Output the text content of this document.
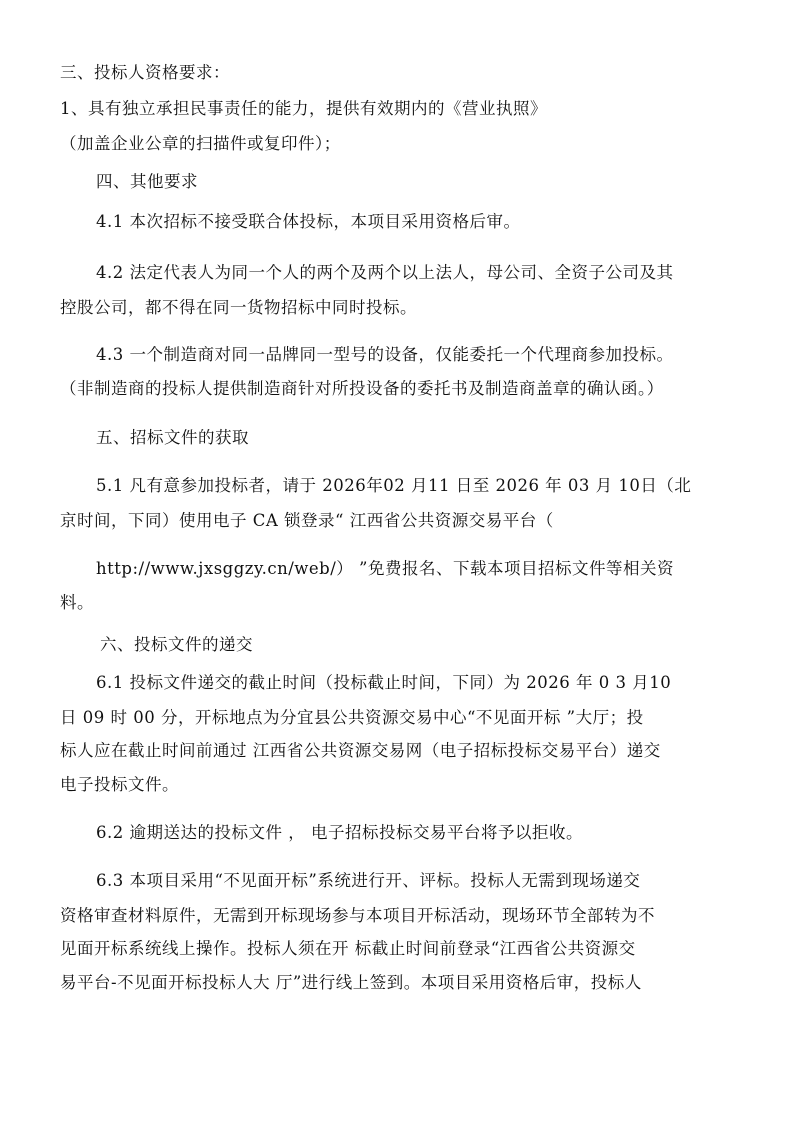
三、投标人资格要求：

1、具有独立承担民事责任的能力，提供有效期内的《营业执照》

（加盖企业公章的扫描件或复印件）；

四、其他要求

4.1 本次招标不接受联合体投标，本项目采用资格后审。

4.2 法定代表人为同一个人的两个及两个以上法人，母公司、全资子公司及其

控股公司，都不得在同一货物招标中同时投标。

4.3 一个制造商对同一品牌同一型号的设备，仅能委托一个代理商参加投标。

（非制造商的投标人提供制造商针对所投设备的委托书及制造商盖章的确认函。）

五、招标文件的获取

5.1 凡有意参加投标者，请于 2026年02 月11 日至 2026 年 03 月 10日（北

京时间，下同）使用电子 CA 锁登录“ 江西省公共资源交易平台（

http://www.jxsggzy.cn/web/） ”免费报名、下载本项目招标文件等相关资

料。

六、投标文件的递交

6.1 投标文件递交的截止时间（投标截止时间，下同）为 2026 年 0 3 月10

日 09 时 00 分，开标地点为分宜县公共资源交易中心“不见面开标 ”大厅；投

标人应在截止时间前通过 江西省公共资源交易网（电子招标投标交易平台）递交

电子投标文件。

6.2 逾期送达的投标文件 ， 电子招标投标交易平台将予以拒收。

6.3 本项目采用“不见面开标”系统进行开、评标。投标人无需到现场递交

资格审查材料原件，无需到开标现场参与本项目开标活动，现场环节全部转为不

见面开标系统线上操作。投标人须在开 标截止时间前登录“江西省公共资源交

易平台-不见面开标投标人大 厅”进行线上签到。本项目采用资格后审，投标人
